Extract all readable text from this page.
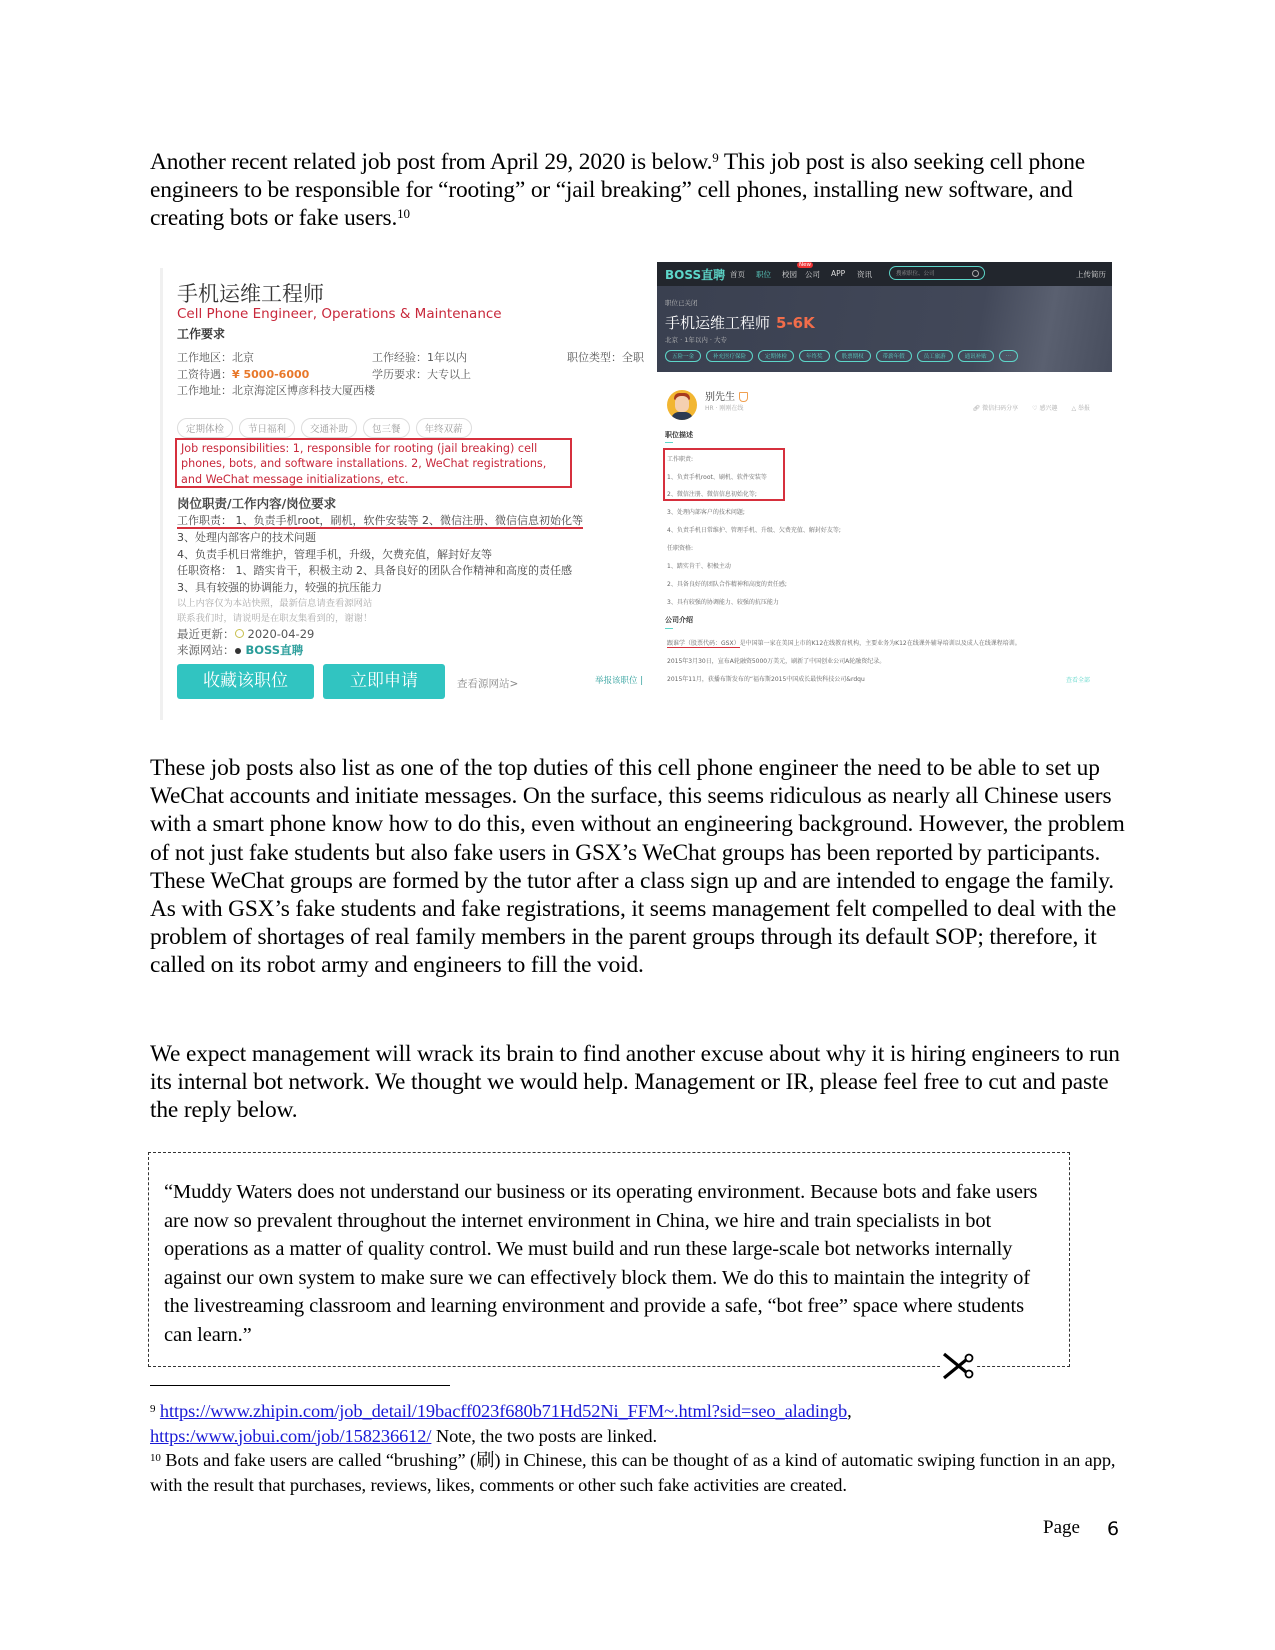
Another recent related job post from April 29, 2020 is below.$^9$ This job post is also seeking cell phone engineers to be responsible for “rooting” or “jail breaking” cell phones, installing new software, and creating bots or fake users.$^{10}$
手机运维工程师
Cell Phone Engineer, Operations & Maintenance
工作要求
工作地区：北京	工作经验：1年以内	职位类型：全职
工资待遇：¥ 5000-6000	学历要求：大专以上
工作地址：北京海淀区博彦科技大厦西楼
定期体检	节日福利	交通补助	包三餐	年终双薪
Job responsibilities: 1, responsible for rooting (jail breaking) cell phones, bots, and software installations. 2, WeChat registrations, and WeChat message initializations, etc.
岗位职责/工作内容/岗位要求
工作职责： 1、负责手机root，刷机，软件安装等 2、微信注册、微信信息初始化等
3、处理内部客户的技术问题
4、负责手机日常维护，管理手机，升级，欠费充值，解封好友等
任职资格： 1、踏实肯干，积极主动 2、具备良好的团队合作精神和高度的责任感
3、具有较强的协调能力，较强的抗压能力
以上内容仅为本站快照，最新信息请查看源网站
联系我们时，请说明是在职友集看到的，谢谢！
最近更新： 2020-04-29
来源网站： BOSS直聘
收藏该职位	立即申请	查看源网站>	举报该职位 |
BOSS直聘 首页 职位 校园
New
公司 APP 资讯	搜索职位、公司	上传简历
职位已关闭
手机运维工程师 5-6K
北京 · 1年以内 · 大专
五险一金	补充医疗保险	定期体检	年终奖	股票期权	带薪年假	员工旅游	通讯补贴	…
别先生
HR · 刚刚在线	🔗︎ 微信扫码分享 ♡ 感兴趣 △ 举报
职位描述
工作职责:
1、负责手机root、刷机、软件安装等
2、微信注册、微信信息初始化等;
3、处理内部客户的技术问题;
4、负责手机日常维护、管理手机、升级、欠费充值、解封好友等;
任职资格:
1、踏实肯干、积极主动
2、具备良好的团队合作精神和高度的责任感;
3、具有较强的协调能力、较强的抗压能力
公司介绍
跟谁学（股票代码：GSX）是中国第一家在美国上市的K12在线教育机构，主要业务为K12在线课外辅导培训以及成人在线课程培训。
2015年3月30日，宣布A轮融资5000万美元，刷新了中国创业公司A轮融资纪录。
2015年11月，获播布斯发布的“福布斯2015中国成长最快科技公司&rdqu	查看全部
These job posts also list as one of the top duties of this cell phone engineer the need to be able to set up WeChat accounts and initiate messages. On the surface, this seems ridiculous as nearly all Chinese users with a smart phone know how to do this, even without an engineering background. However, the problem of not just fake students but also fake users in GSX’s WeChat groups has been reported by participants. These WeChat groups are formed by the tutor after a class sign up and are intended to engage the family. As with GSX’s fake students and fake registrations, it seems management felt compelled to deal with the problem of shortages of real family members in the parent groups through its default SOP; therefore, it called on its robot army and engineers to fill the void.
We expect management will wrack its brain to find another excuse about why it is hiring engineers to run its internal bot network. We thought we would help. Management or IR, please feel free to cut and paste the reply below.
“Muddy Waters does not understand our business or its operating environment. Because bots and fake users are now so prevalent throughout the internet environment in China, we hire and train specialists in bot operations as a matter of quality control. We must build and run these large-scale bot networks internally against our own system to make sure we can effectively block them. We do this to maintain the integrity of the livestreaming classroom and learning environment and provide a safe, “bot free” space where students can learn.”
$^9$ https://www.zhipin.com/job_detail/19bacff023f680b71Hd52Ni_FFM~.html?sid=seo_aladingb,
https:/www.jobui.com/job/158236612/ Note, the two posts are linked.
$^{10}$ Bots and fake users are called “brushing” (刷) in Chinese, this can be thought of as a kind of automatic swiping function in an app, with the result that purchases, reviews, likes, comments or other such fake activities are created.
Page 6
